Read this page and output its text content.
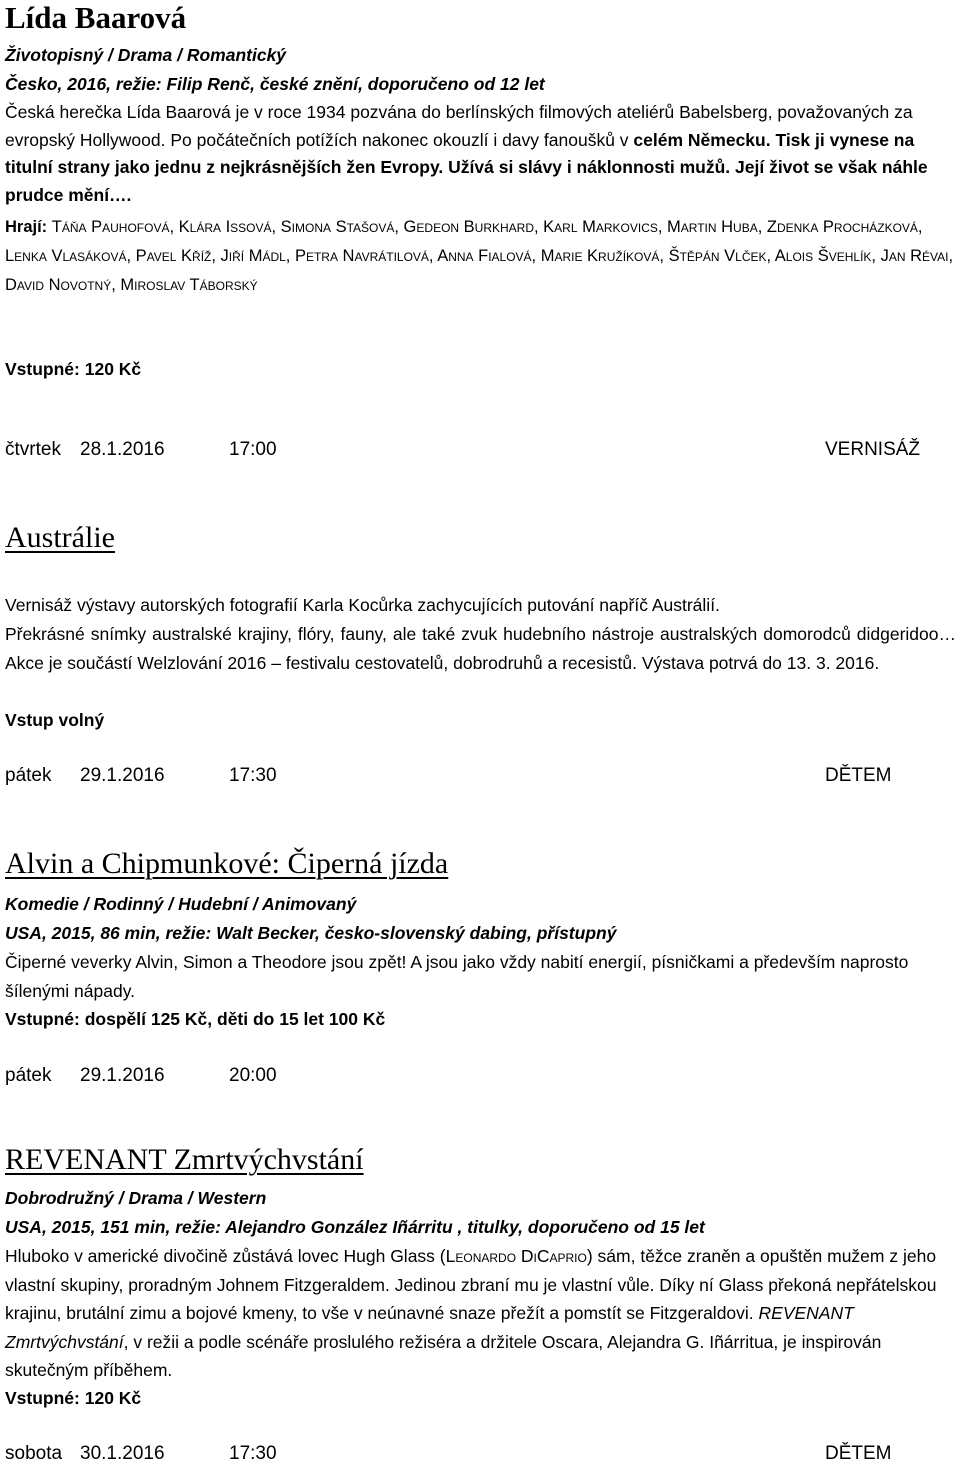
Lída Baarová
Životopisný / Drama / Romantický
Česko, 2016, režie: Filip Renč, české znění, doporučeno od 12 let
Česká herečka Lída Baarová je v roce 1934 pozvána do berlínských filmových ateliérů Babelsberg, považovaných za evropský Hollywood. Po počátečních potížích nakonec okouzlí i davy fanoušků v celém Německu. Tisk ji vynese na titulní strany jako jednu z nejkrásnějších žen Evropy. Užívá si slávy i náklonnosti mužů. Její život se však náhle prudce mění….
Hrají: Táňa Pauhofová, Klára Issová, Simona Stašová, Gedeon Burkhard, Karl Markovics, Martin Huba, Zdenka Procházková, Lenka Vlasáková, Pavel Kříž, Jiří Mádl, Petra Navrátilová, Anna Fialová, Marie Kružíková, Štěpán Vlček, Alois Švehlík, Jan Révai, David Novotný, Miroslav Táborský
Vstupné: 120 Kč
čtvrtek 28.1.2016	17:00	VERNISÁŽ
Austrálie
Vernisáž výstavy autorských fotografií Karla Kocůrka zachycujících putování napříč Austrálií.
Překrásné snímky australské krajiny, flóry, fauny, ale také zvuk hudebního nástroje australských domorodců didgeridoo… Akce je součástí Welzlování 2016 – festivalu cestovatelů, dobrodruhů a recesistů. Výstava potrvá do 13. 3. 2016.
Vstup volný
pátek 29.1.2016	17:30	DĚTEM
Alvin a Chipmunkové: Čiperná jízda
Komedie / Rodinný / Hudební / Animovaný
USA, 2015, 86 min, režie: Walt Becker, česko-slovenský dabing, přístupný
Čiperné veverky Alvin, Simon a Theodore jsou zpět! A jsou jako vždy nabití energií, písničkami a především naprosto šílenými nápady.
Vstupné: dospělí 125 Kč, děti do 15 let 100 Kč
pátek 29.1.2016	20:00
REVENANT Zmrtvýchvstání
Dobrodružný / Drama / Western
USA, 2015, 151 min, režie: Alejandro González Iñárritu , titulky, doporučeno od 15 let
Hluboko v americké divočině zůstává lovec Hugh Glass (Leonardo DiCaprio) sám, těžce zraněn a opuštěn mužem z jeho vlastní skupiny, proradným Johnem Fitzgeraldem. Jedinou zbraní mu je vlastní vůle. Díky ní Glass překoná nepřátelskou krajinu, brutální zimu a bojové kmeny, to vše v neúnavné snaze přežít a pomstít se Fitzgeraldovi. REVENANT Zmrtvýchvstání, v režii a podle scénáře proslulého režiséra a držitele Oscara, Alejandra G. Iñárritua, je inspirován skutečným příběhem.
Vstupné: 120 Kč
sobota 30.1.2016	17:30	DĚTEM
